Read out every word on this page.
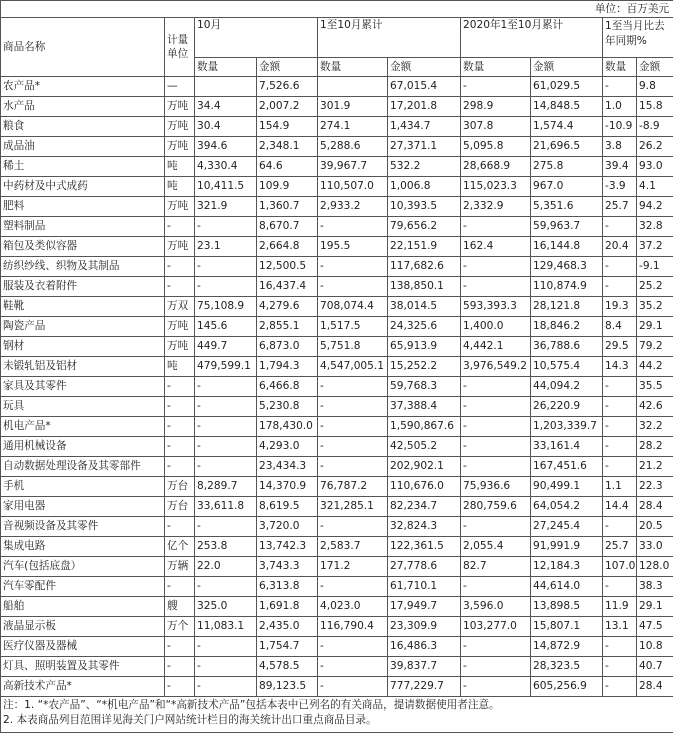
单位：百万美元									
商品名称	计量单位	10月		1至10月累计		2020年1至10月累计		1至当月比去年同期%	
		数量	金额	数量	金额	数量	金额	数量	金额
农产品*	—		7,526.6		67,015.4	-	61,029.5	-	9.8
水产品	万吨	34.4	2,007.2	301.9	17,201.8	298.9	14,848.5	1.0	15.8
粮食	万吨	30.4	154.9	274.1	1,434.7	307.8	1,574.4	-10.9	-8.9
成品油	万吨	394.6	2,348.1	5,288.6	27,371.1	5,095.8	21,696.5	3.8	26.2
稀土	吨	4,330.4	64.6	39,967.7	532.2	28,668.9	275.8	39.4	93.0
中药材及中式成药	吨	10,411.5	109.9	110,507.0	1,006.8	115,023.3	967.0	-3.9	4.1
肥料	万吨	321.9	1,360.7	2,933.2	10,393.5	2,332.9	5,351.6	25.7	94.2
塑料制品	-	-	8,670.7	-	79,656.2	-	59,963.7	-	32.8
箱包及类似容器	万吨	23.1	2,664.8	195.5	22,151.9	162.4	16,144.8	20.4	37.2
纺织纱线、织物及其制品	-	-	12,500.5	-	117,682.6	-	129,468.3	-	-9.1
服装及衣着附件	-	-	16,437.4	-	138,850.1	-	110,874.9	-	25.2
鞋靴	万双	75,108.9	4,279.6	708,074.4	38,014.5	593,393.3	28,121.8	19.3	35.2
陶瓷产品	万吨	145.6	2,855.1	1,517.5	24,325.6	1,400.0	18,846.2	8.4	29.1
钢材	万吨	449.7	6,873.0	5,751.8	65,913.9	4,442.1	36,788.6	29.5	79.2
未锻轧铝及铝材	吨	479,599.1	1,794.3	4,547,005.1	15,252.2	3,976,549.2	10,575.4	14.3	44.2
家具及其零件	-	-	6,466.8	-	59,768.3	-	44,094.2	-	35.5
玩具	-	-	5,230.8	-	37,388.4	-	26,220.9	-	42.6
机电产品*	-	-	178,430.0	-	1,590,867.6	-	1,203,339.7	-	32.2
通用机械设备	-	-	4,293.0	-	42,505.2	-	33,161.4	-	28.2
自动数据处理设备及其零部件	-	-	23,434.3	-	202,902.1	-	167,451.6	-	21.2
手机	万台	8,289.7	14,370.9	76,787.2	110,676.0	75,936.6	90,499.1	1.1	22.3
家用电器	万台	33,611.8	8,619.5	321,285.1	82,234.7	280,759.6	64,054.2	14.4	28.4
音视频设备及其零件	-	-	3,720.0	-	32,824.3	-	27,245.4	-	20.5
集成电路	亿个	253.8	13,742.3	2,583.7	122,361.5	2,055.4	91,991.9	25.7	33.0
汽车(包括底盘）	万辆	22.0	3,743.3	171.2	27,778.6	82.7	12,184.3	107.0	128.0
汽车零配件	-	-	6,313.8	-	61,710.1	-	44,614.0	-	38.3
船舶	艘	325.0	1,691.8	4,023.0	17,949.7	3,596.0	13,898.5	11.9	29.1
液晶显示板	万个	11,083.1	2,435.0	116,790.4	23,309.9	103,277.0	15,807.1	13.1	47.5
医疗仪器及器械	-	-	1,754.7	-	16,486.3	-	14,872.9	-	10.8
灯具、照明装置及其零件	-	-	4,578.5	-	39,837.7	-	28,323.5	-	40.7
高新技术产品*	-	-	89,123.5	-	777,229.7	-	605,256.9	-	28.4

注：1. “*农产品”、“*机电产品”和“*高新技术产品”包括本表中已列名的有关商品，提请数据使用者注意。
2. 本表商品列目范围详见海关门户网站统计栏目的海关统计出口重点商品目录。									
